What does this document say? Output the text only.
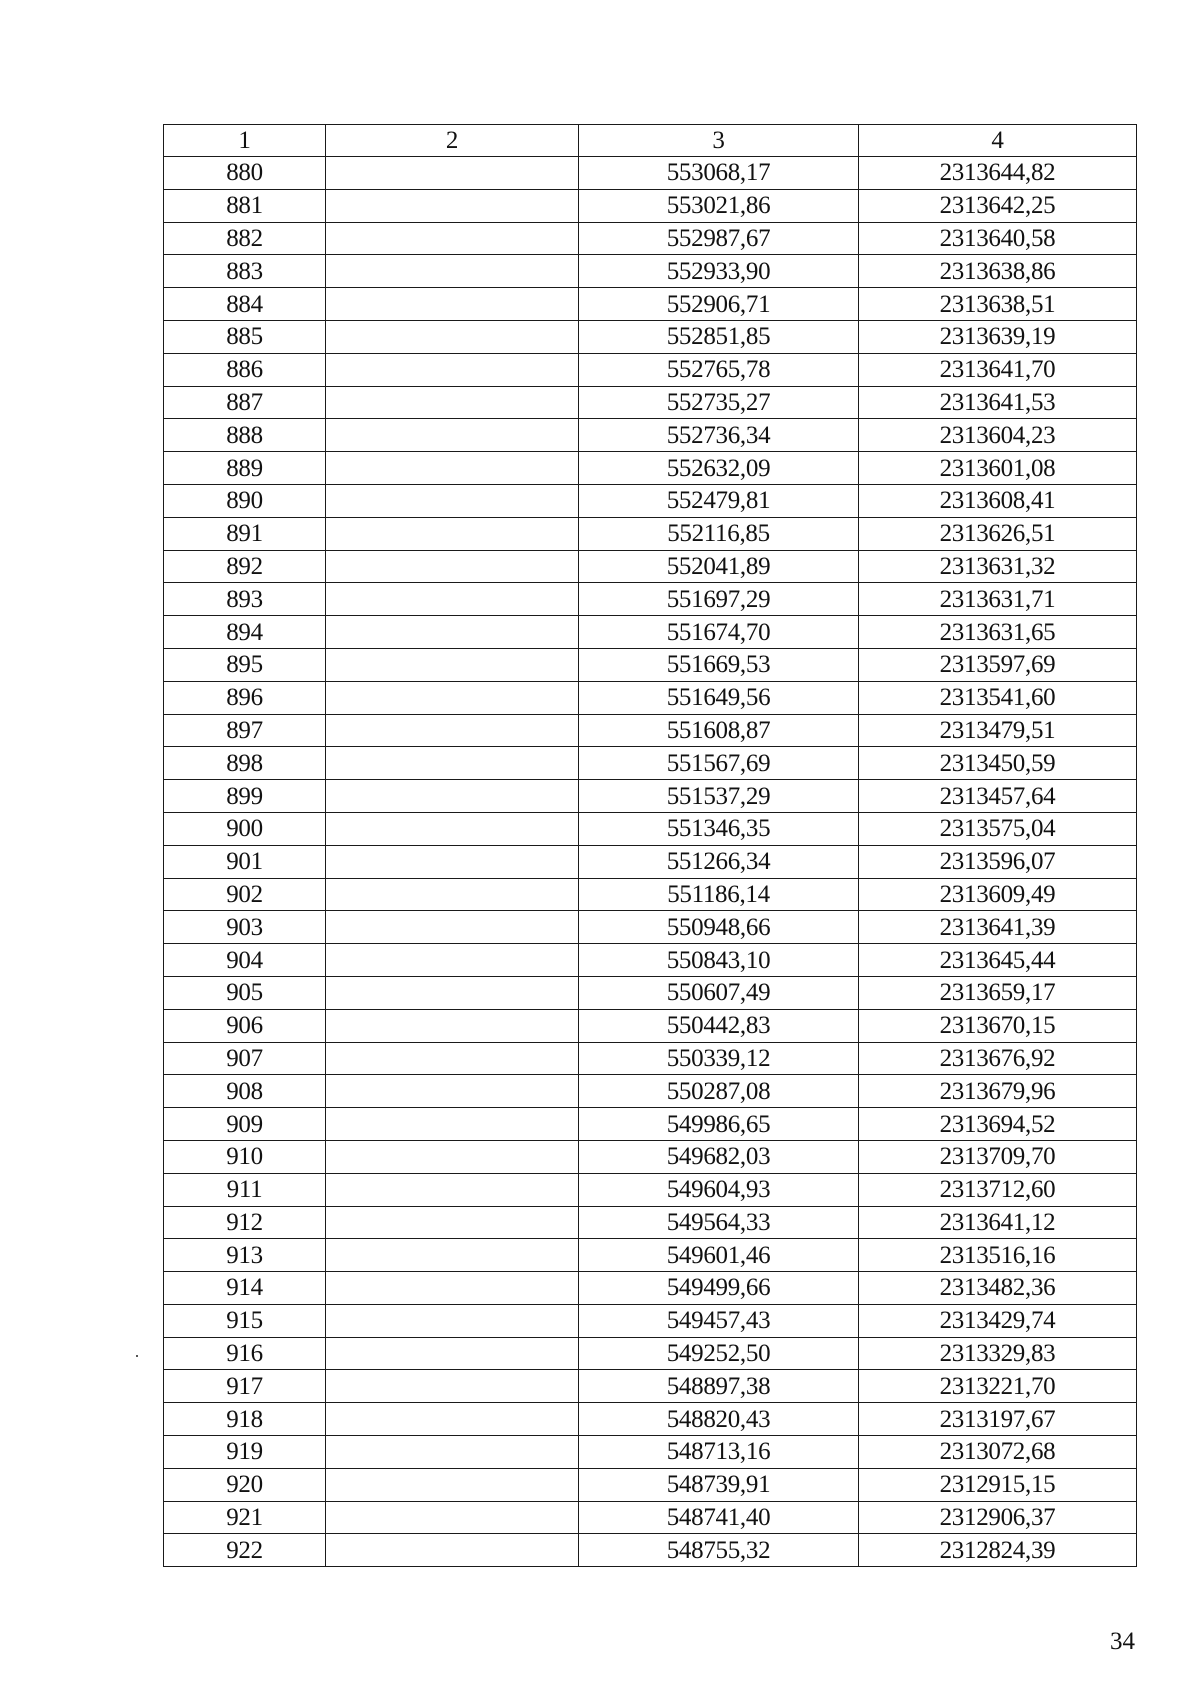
1	2	3	4
880		553068,17	2313644,82
881		553021,86	2313642,25
882		552987,67	2313640,58
883		552933,90	2313638,86
884		552906,71	2313638,51
885		552851,85	2313639,19
886		552765,78	2313641,70
887		552735,27	2313641,53
888		552736,34	2313604,23
889		552632,09	2313601,08
890		552479,81	2313608,41
891		552116,85	2313626,51
892		552041,89	2313631,32
893		551697,29	2313631,71
894		551674,70	2313631,65
895		551669,53	2313597,69
896		551649,56	2313541,60
897		551608,87	2313479,51
898		551567,69	2313450,59
899		551537,29	2313457,64
900		551346,35	2313575,04
901		551266,34	2313596,07
902		551186,14	2313609,49
903		550948,66	2313641,39
904		550843,10	2313645,44
905		550607,49	2313659,17
906		550442,83	2313670,15
907		550339,12	2313676,92
908		550287,08	2313679,96
909		549986,65	2313694,52
910		549682,03	2313709,70
911		549604,93	2313712,60
912		549564,33	2313641,12
913		549601,46	2313516,16
914		549499,66	2313482,36
915		549457,43	2313429,74
916		549252,50	2313329,83
917		548897,38	2313221,70
918		548820,43	2313197,67
919		548713,16	2313072,68
920		548739,91	2312915,15
921		548741,40	2312906,37
922		548755,32	2312824,39
34
